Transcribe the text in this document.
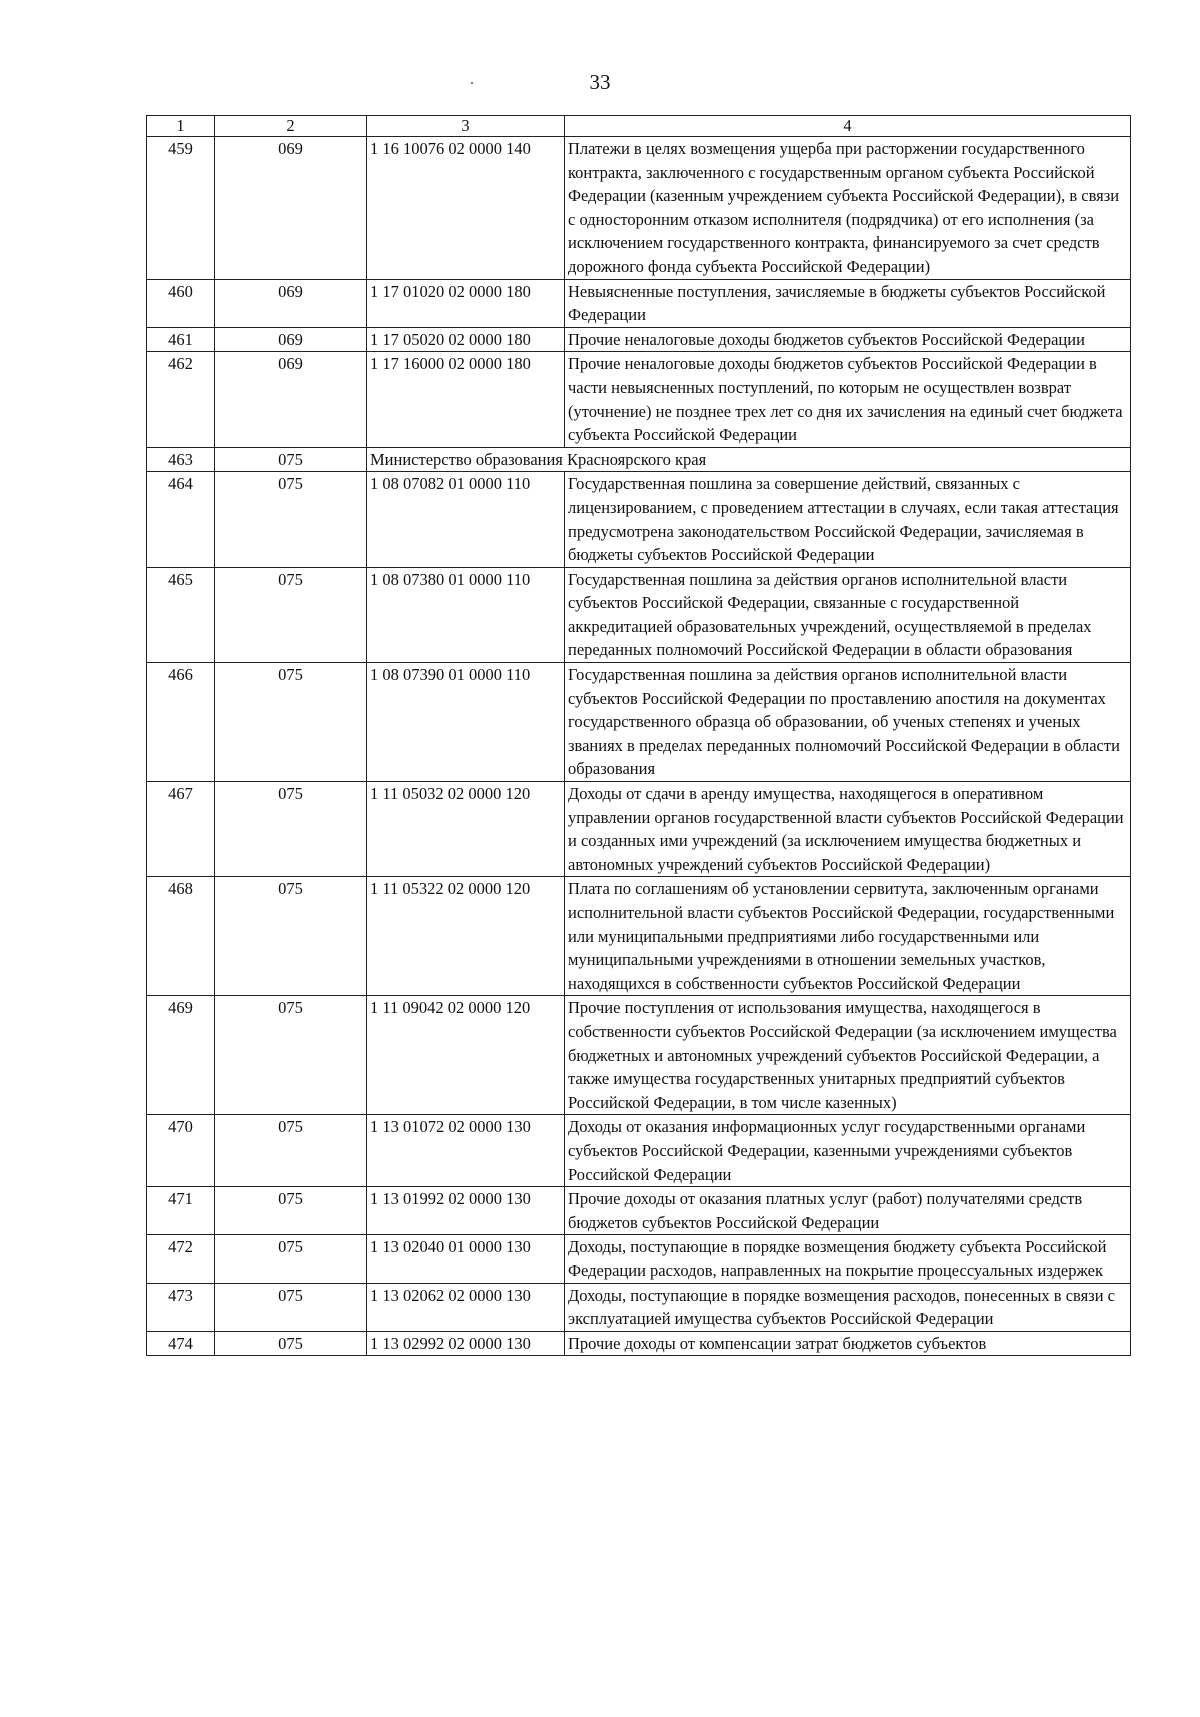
33
1	2	3	4
459	069	1 16 10076 02 0000 140	Платежи в целях возмещения ущерба при расторжении государственного контракта, заключенного с государственным органом субъекта Российской Федерации (казенным учреждением субъекта Российской Федерации), в связи с односторонним отказом исполнителя (подрядчика) от его исполнения (за исключением государственного контракта, финансируемого за счет средств дорожного фонда субъекта Российской Федерации)
460	069	1 17 01020 02 0000 180	Невыясненные поступления, зачисляемые в бюджеты субъектов Российской Федерации
461	069	1 17 05020 02 0000 180	Прочие неналоговые доходы бюджетов субъектов Российской Федерации
462	069	1 17 16000 02 0000 180	Прочие неналоговые доходы бюджетов субъектов Российской Федерации в части невыясненных поступлений, по которым не осуществлен возврат (уточнение) не позднее трех лет со дня их зачисления на единый счет бюджета субъекта Российской Федерации
463	075	Министерство образования Красноярского края	
464	075	1 08 07082 01 0000 110	Государственная пошлина за совершение действий, связанных с лицензированием, с проведением аттестации в случаях, если такая аттестация предусмотрена законодательством Российской Федерации, зачисляемая в бюджеты субъектов Российской Федерации
465	075	1 08 07380 01 0000 110	Государственная пошлина за действия органов исполнительной власти субъектов Российской Федерации, связанные с государственной аккредитацией образовательных учреждений, осуществляемой в пределах переданных полномочий Российской Федерации в области образования
466	075	1 08 07390 01 0000 110	Государственная пошлина за действия органов исполнительной власти субъектов Российской Федерации по проставлению апостиля на документах государственного образца об образовании, об ученых степенях и ученых званиях в пределах переданных полномочий Российской Федерации в области образования
467	075	1 11 05032 02 0000 120	Доходы от сдачи в аренду имущества, находящегося в оперативном управлении органов государственной власти субъектов Российской Федерации и созданных ими учреждений (за исключением имущества бюджетных и автономных учреждений субъектов Российской Федерации)
468	075	1 11 05322 02 0000 120	Плата по соглашениям об установлении сервитута, заключенным органами исполнительной власти субъектов Российской Федерации, государственными или муниципальными предприятиями либо государственными или муниципальными учреждениями в отношении земельных участков, находящихся в собственности субъектов Российской Федерации
469	075	1 11 09042 02 0000 120	Прочие поступления от использования имущества, находящегося в собственности субъектов Российской Федерации (за исключением имущества бюджетных и автономных учреждений субъектов Российской Федерации, а также имущества государственных унитарных предприятий субъектов Российской Федерации, в том числе казенных)
470	075	1 13 01072 02 0000 130	Доходы от оказания информационных услуг государственными органами субъектов Российской Федерации, казенными учреждениями субъектов Российской Федерации
471	075	1 13 01992 02 0000 130	Прочие доходы от оказания платных услуг (работ) получателями средств бюджетов субъектов Российской Федерации
472	075	1 13 02040 01 0000 130	Доходы, поступающие в порядке возмещения бюджету субъекта Российской Федерации расходов, направленных на покрытие процессуальных издержек
473	075	1 13 02062 02 0000 130	Доходы, поступающие в порядке возмещения расходов, понесенных в связи с эксплуатацией имущества субъектов Российской Федерации
474	075	1 13 02992 02 0000 130	Прочие доходы от компенсации затрат бюджетов субъектов
